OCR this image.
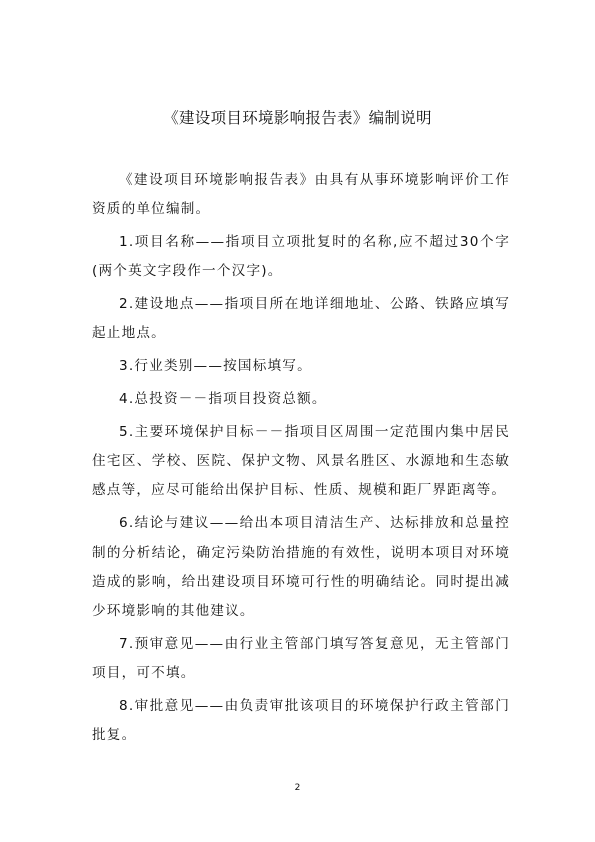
《建设项目环境影响报告表》编制说明

《建设项目环境影响报告表》由具有从事环境影响评价工作资质的单位编制。

1.项目名称——指项目立项批复时的名称,应不超过30个字(两个英文字段作一个汉字)。

2.建设地点——指项目所在地详细地址、公路、铁路应填写起止地点。

3.行业类别——按国标填写。

4.总投资－－指项目投资总额。

5.主要环境保护目标－－指项目区周围一定范围内集中居民住宅区、学校、医院、保护文物、风景名胜区、水源地和生态敏感点等，应尽可能给出保护目标、性质、规模和距厂界距离等。

6.结论与建议——给出本项目清洁生产、达标排放和总量控制的分析结论，确定污染防治措施的有效性，说明本项目对环境造成的影响，给出建设项目环境可行性的明确结论。同时提出减少环境影响的其他建议。

7.预审意见——由行业主管部门填写答复意见，无主管部门项目，可不填。

8.审批意见——由负责审批该项目的环境保护行政主管部门批复。

2
